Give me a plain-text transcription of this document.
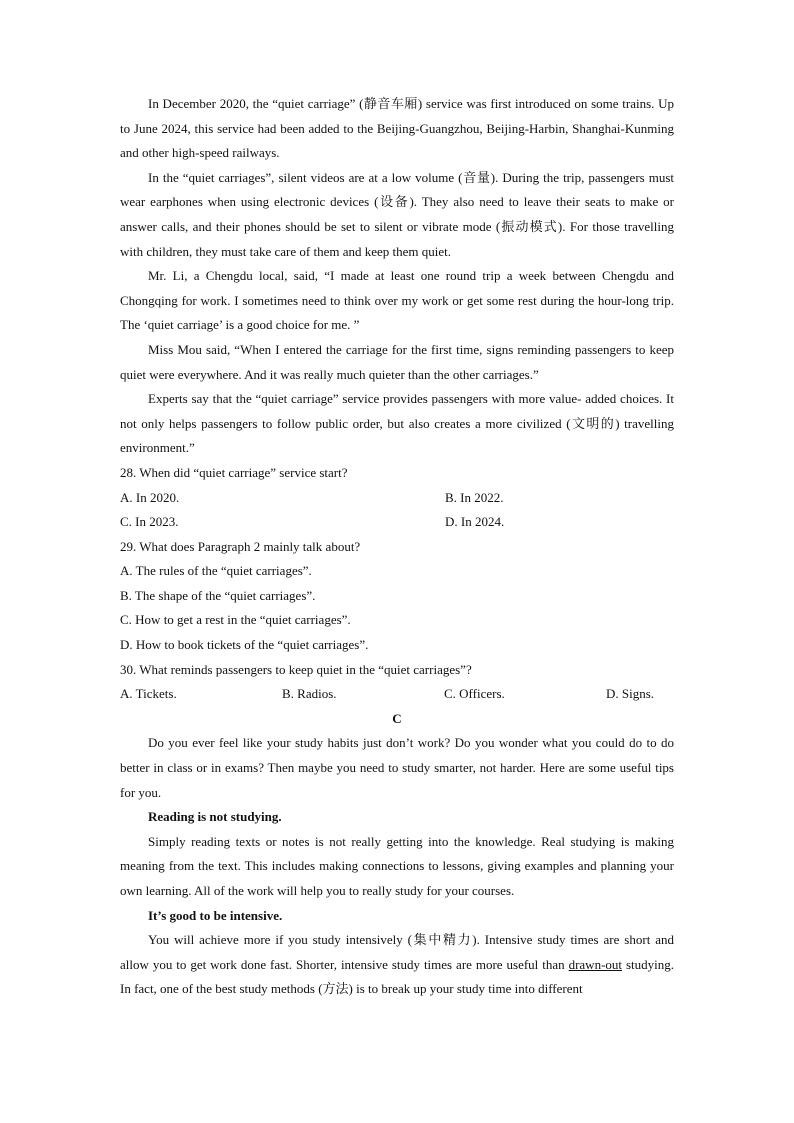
In December 2020, the “quiet carriage” (静音车厢) service was first introduced on some trains. Up to June 2024, this service had been added to the Beijing-Guangzhou, Beijing-Harbin, Shanghai-Kunming and other high-speed railways.

In the “quiet carriages”, silent videos are at a low volume (音量). During the trip, passengers must wear earphones when using electronic devices (设备). They also need to leave their seats to make or answer calls, and their phones should be set to silent or vibrate mode (振动模式). For those travelling with children, they must take care of them and keep them quiet.

Mr. Li, a Chengdu local, said, “I made at least one round trip a week between Chengdu and Chongqing for work. I sometimes need to think over my work or get some rest during the hour-long trip. The ‘quiet carriage’ is a good choice for me. ”

Miss Mou said, “When I entered the carriage for the first time, signs reminding passengers to keep quiet were everywhere. And it was really much quieter than the other carriages.”

Experts say that the “quiet carriage” service provides passengers with more value- added choices. It not only helps passengers to follow public order, but also creates a more civilized (文明的) travelling environment.”

28. When did “quiet carriage” service start?

A. In 2020.	B. In 2022.
C. In 2023.	D. In 2024.

29. What does Paragraph 2 mainly talk about?

A. The rules of the “quiet carriages”.

B. The shape of the “quiet carriages”.

C. How to get a rest in the “quiet carriages”.

D. How to book tickets of the “quiet carriages”.

30. What reminds passengers to keep quiet in the “quiet carriages”?

A. Tickets.	B. Radios.	C. Officers.	D. Signs.

C

Do you ever feel like your study habits just don’t work? Do you wonder what you could do to do better in class or in exams? Then maybe you need to study smarter, not harder. Here are some useful tips for you.

Reading is not studying.

Simply reading texts or notes is not really getting into the knowledge. Real studying is making meaning from the text. This includes making connections to lessons, giving examples and planning your own learning. All of the work will help you to really study for your courses.

It’s good to be intensive.

You will achieve more if you study intensively (集中精力). Intensive study times are short and allow you to get work done fast. Shorter, intensive study times are more useful than drawn-out studying. In fact, one of the best study methods (方法) is to break up your study time into different
